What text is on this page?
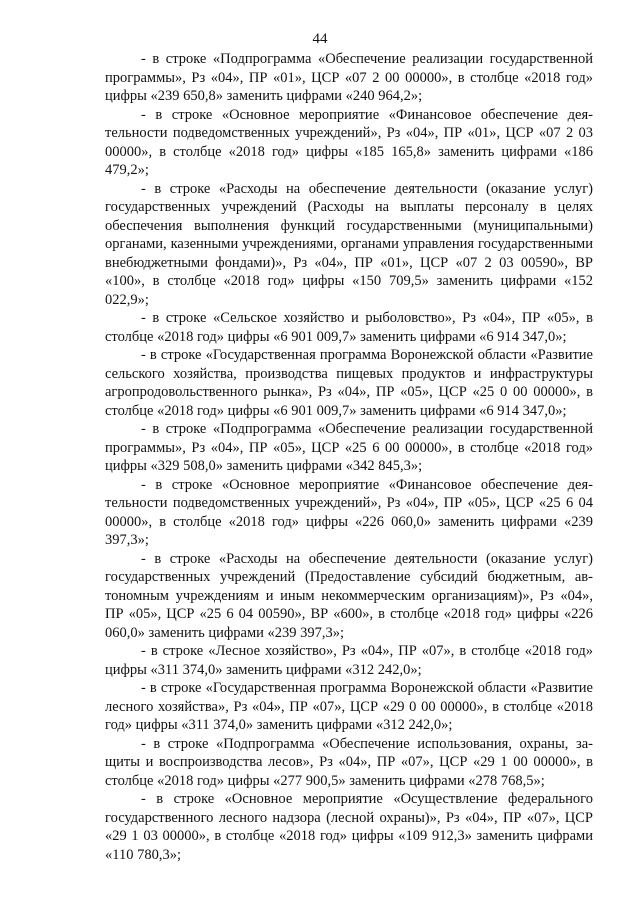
44

- в строке «Подпрограмма «Обеспечение реализации государственной программы», Рз «04», ПР «01», ЦСР «07 2 00 00000», в столбце «2018 год» цифры «239 650,8» заменить цифрами «240 964,2»;

- в строке «Основное мероприятие «Финансовое обеспечение деятельности подведомственных учреждений», Рз «04», ПР «01», ЦСР «07 2 03 00000», в столбце «2018 год» цифры «185 165,8» заменить цифрами «186 479,2»;

- в строке «Расходы на обеспечение деятельности (оказание услуг) государственных учреждений (Расходы на выплаты персоналу в целях обеспечения выполнения функций государственными (муниципальными) органами, казенными учреждениями, органами управления государственными внебюджетными фондами)», Рз «04», ПР «01», ЦСР «07 2 03 00590», ВР «100», в столбце «2018 год» цифры «150 709,5» заменить цифрами «152 022,9»;

- в строке «Сельское хозяйство и рыболовство», Рз «04», ПР «05», в столбце «2018 год» цифры «6 901 009,7» заменить цифрами «6 914 347,0»;

- в строке «Государственная программа Воронежской области «Развитие сельского хозяйства, производства пищевых продуктов и инфраструктуры агропродовольственного рынка», Рз «04», ПР «05», ЦСР «25 0 00 00000», в столбце «2018 год» цифры «6 901 009,7» заменить цифрами «6 914 347,0»;

- в строке «Подпрограмма «Обеспечение реализации государственной программы», Рз «04», ПР «05», ЦСР «25 6 00 00000», в столбце «2018 год» цифры «329 508,0» заменить цифрами «342 845,3»;

- в строке «Основное мероприятие «Финансовое обеспечение деятельности подведомственных учреждений», Рз «04», ПР «05», ЦСР «25 6 04 00000», в столбце «2018 год» цифры «226 060,0» заменить цифрами «239 397,3»;

- в строке «Расходы на обеспечение деятельности (оказание услуг) государственных учреждений (Предоставление субсидий бюджетным, автономным учреждениям и иным некоммерческим организациям)», Рз «04», ПР «05», ЦСР «25 6 04 00590», ВР «600», в столбце «2018 год» цифры «226 060,0» заменить цифрами «239 397,3»;

- в строке «Лесное хозяйство», Рз «04», ПР «07», в столбце «2018 год» цифры «311 374,0» заменить цифрами «312 242,0»;

- в строке «Государственная программа Воронежской области «Развитие лесного хозяйства», Рз «04», ПР «07», ЦСР «29 0 00 00000», в столбце «2018 год» цифры «311 374,0» заменить цифрами «312 242,0»;

- в строке «Подпрограмма «Обеспечение использования, охраны, защиты и воспроизводства лесов», Рз «04», ПР «07», ЦСР «29 1 00 00000», в столбце «2018 год» цифры «277 900,5» заменить цифрами «278 768,5»;

- в строке «Основное мероприятие «Осуществление федерального государственного лесного надзора (лесной охраны)», Рз «04», ПР «07», ЦСР «29 1 03 00000», в столбце «2018 год» цифры «109 912,3» заменить цифрами «110 780,3»;
